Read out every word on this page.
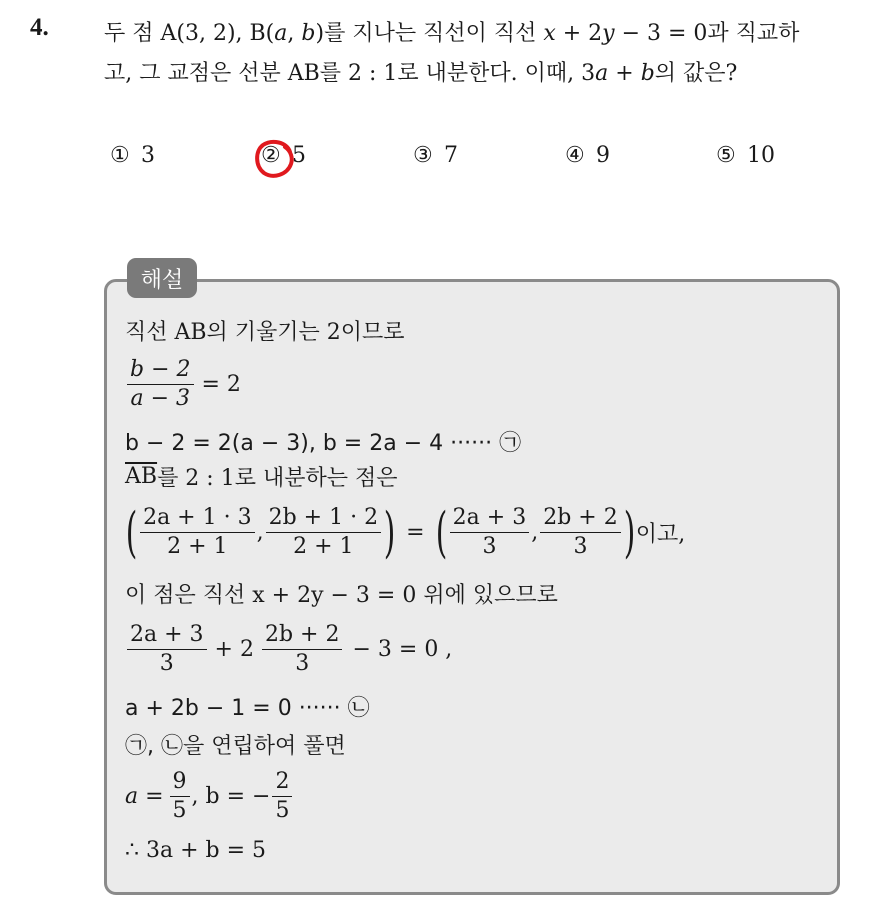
4.	두 점 A(3, 2), B(a, b)를 지나는 직선이 직선 x + 2y − 3 = 0과 직교하
고, 그 교점은 선분 AB를 2 : 1로 내분한다. 이때, 3a + b의 값은?
① 3	② 5	③ 7	④ 9	⑤ 10
해설
직선 AB의 기울기는 2이므로
$\frac{b - 2}{a - 3} = 2$
b − 2 = 2(a − 3), b = 2a − 4 ······ ㉠
$\overline{AB}$ 를 2 : 1로 내분하는 점은
( $\frac{2a + 1 \cdot 3}{2 + 1}$ , $\frac{2b + 1 \cdot 2}{2 + 1}$ ) = ( $\frac{2a + 3}{3}$ , $\frac{2b + 2}{3}$ ) 이고,
이 점은 직선 x + 2y − 3 = 0 위에 있으므로
$\frac{2a + 3}{3} + 2 \frac{2b + 2}{3} - 3 = 0$ ,
a + 2b − 1 = 0 ······ ㉡
㉠, ㉡을 연립하여 풀면
$a = \frac{9}{5}$ , b = − $\frac{2}{5}$
∴ 3a + b = 5
